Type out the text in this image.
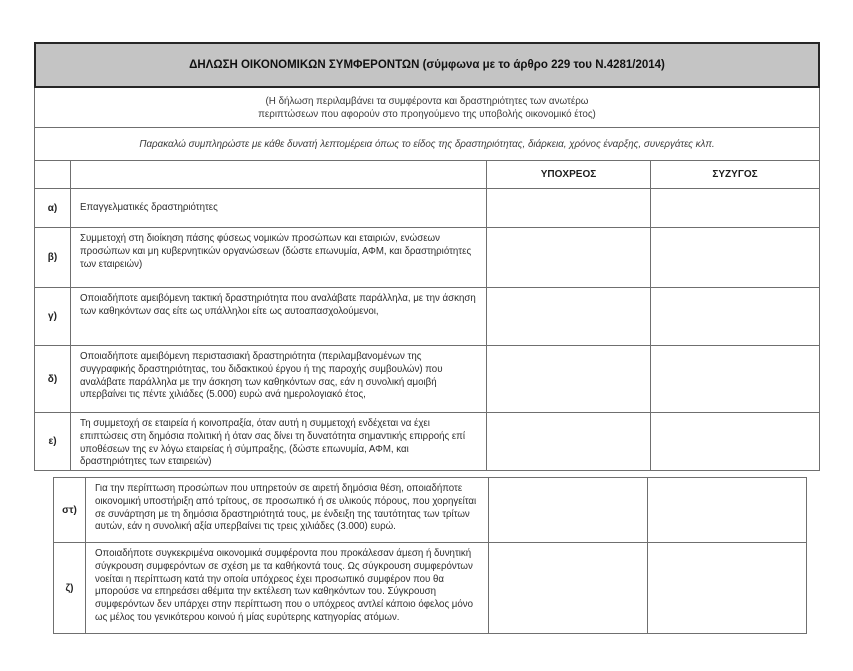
ΔΗΛΩΣΗ ΟΙΚΟΝΟΜΙΚΩΝ ΣΥΜΦΕΡΟΝΤΩΝ (σύμφωνα με το άρθρο 229 του Ν.4281/2014)
(Η δήλωση περιλαμβάνει τα συμφέροντα και δραστηριότητες των ανωτέρω
περιπτώσεων που αφορούν στο προηγούμενο της υποβολής οικονομικό έτος)
Παρακαλώ συμπληρώστε με κάθε δυνατή λεπτομέρεια όπως το είδος της δραστηριότητας, διάρκεια, χρόνος έναρξης, συνεργάτες κλπ.
ΥΠΟΧΡΕΟΣ	ΣΥΖΥΓΟΣ
α)	Επαγγελματικές δραστηριότητες
β)
Συμμετοχή στη διοίκηση πάσης φύσεως νομικών προσώπων και εταιριών, ενώσεων προσώπων και μη κυβερνητικών οργανώσεων (δώστε επωνυμία, ΑΦΜ, και δραστηριότητες των εταιρειών)
γ)
Οποιαδήποτε αμειβόμενη τακτική δραστηριότητα που αναλάβατε παράλληλα, με την άσκηση των καθηκόντων σας είτε ως υπάλληλοι είτε ως αυτοαπασχολούμενοι,
δ)
Οποιαδήποτε αμειβόμενη περιστασιακή δραστηριότητα (περιλαμβανομένων της συγγραφικής δραστηριότητας, του διδακτικού έργου ή της παροχής συμβουλών) που αναλάβατε παράλληλα με την άσκηση των καθηκόντων σας, εάν η συνολική αμοιβή υπερβαίνει τις πέντε χιλιάδες (5.000) ευρώ ανά ημερολογιακό έτος,
ε)
Τη συμμετοχή σε εταιρεία ή κοινοπραξία, όταν αυτή η συμμετοχή ενδέχεται να έχει επιπτώσεις στη δημόσια πολιτική ή όταν σας δίνει τη δυνατότητα σημαντικής επιρροής επί υποθέσεων της εν λόγω εταιρείας ή σύμπραξης, (δώστε επωνυμία, ΑΦΜ, και δραστηριότητες των εταιρειών)
στ)
Για την περίπτωση προσώπων που υπηρετούν σε αιρετή δημόσια θέση, οποιαδήποτε οικονομική υποστήριξη από τρίτους, σε προσωπικό ή σε υλικούς πόρους, που χορηγείται σε συνάρτηση με τη δημόσια δραστηριότητά τους, με ένδειξη της ταυτότητας των τρίτων αυτών, εάν η συνολική αξία υπερβαίνει τις τρεις χιλιάδες (3.000) ευρώ.
ζ)
Οποιαδήποτε συγκεκριμένα οικονομικά συμφέροντα που προκάλεσαν άμεση ή δυνητική σύγκρουση συμφερόντων σε σχέση με τα καθήκοντά τους. Ως σύγκρουση συμφερόντων νοείται η περίπτωση κατά την οποία υπόχρεος έχει προσωπικό συμφέρον που θα μπορούσε να επηρεάσει αθέμιτα την εκτέλεση των καθηκόντων του. Σύγκρουση συμφερόντων δεν υπάρχει στην περίπτωση που ο υπόχρεος αντλεί κάποιο όφελος μόνο ως μέλος του γενικότερου κοινού ή μίας ευρύτερης κατηγορίας ατόμων.
